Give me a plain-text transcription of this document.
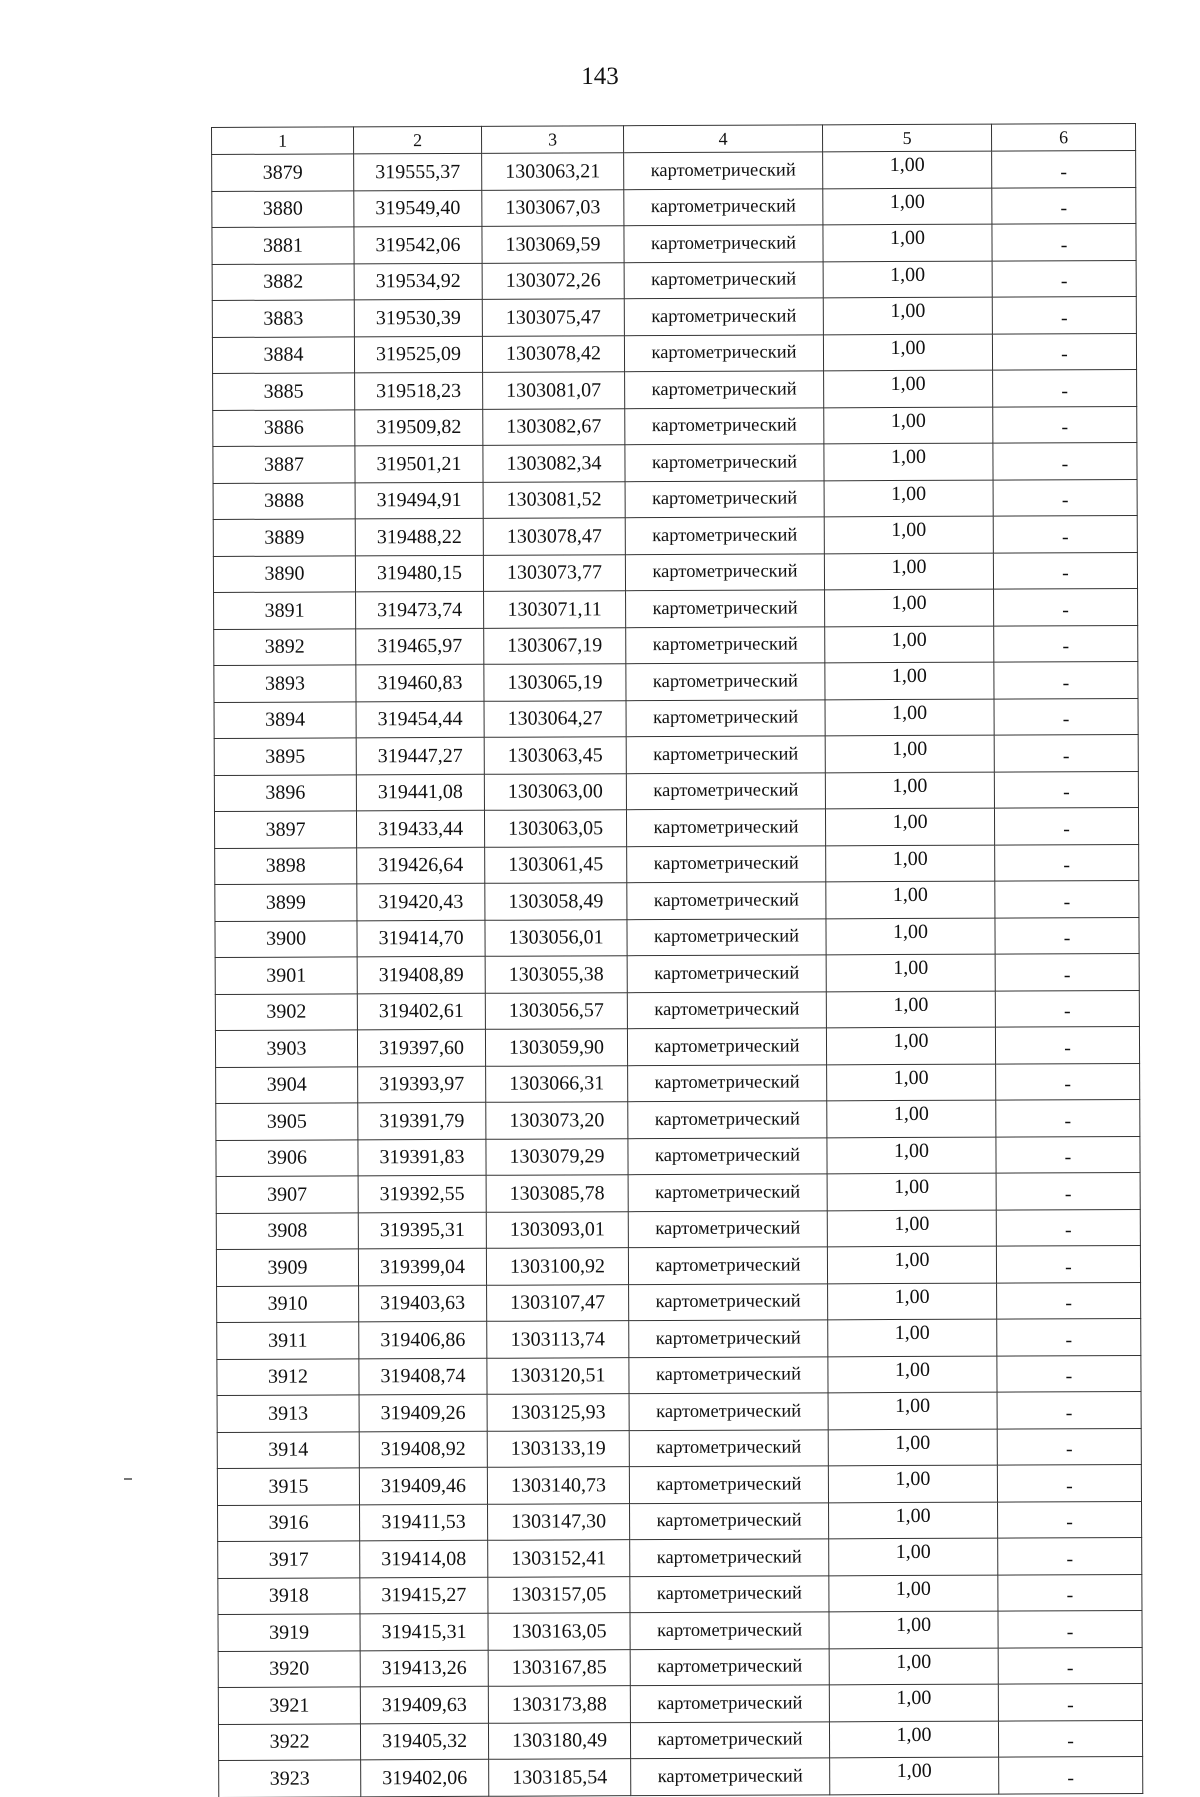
143
1	2	3	4	5	6
3879	319555,37	1303063,21	картометрический	1,00	-
3880	319549,40	1303067,03	картометрический	1,00	-
3881	319542,06	1303069,59	картометрический	1,00	-
3882	319534,92	1303072,26	картометрический	1,00	-
3883	319530,39	1303075,47	картометрический	1,00	-
3884	319525,09	1303078,42	картометрический	1,00	-
3885	319518,23	1303081,07	картометрический	1,00	-
3886	319509,82	1303082,67	картометрический	1,00	-
3887	319501,21	1303082,34	картометрический	1,00	-
3888	319494,91	1303081,52	картометрический	1,00	-
3889	319488,22	1303078,47	картометрический	1,00	-
3890	319480,15	1303073,77	картометрический	1,00	-
3891	319473,74	1303071,11	картометрический	1,00	-
3892	319465,97	1303067,19	картометрический	1,00	-
3893	319460,83	1303065,19	картометрический	1,00	-
3894	319454,44	1303064,27	картометрический	1,00	-
3895	319447,27	1303063,45	картометрический	1,00	-
3896	319441,08	1303063,00	картометрический	1,00	-
3897	319433,44	1303063,05	картометрический	1,00	-
3898	319426,64	1303061,45	картометрический	1,00	-
3899	319420,43	1303058,49	картометрический	1,00	-
3900	319414,70	1303056,01	картометрический	1,00	-
3901	319408,89	1303055,38	картометрический	1,00	-
3902	319402,61	1303056,57	картометрический	1,00	-
3903	319397,60	1303059,90	картометрический	1,00	-
3904	319393,97	1303066,31	картометрический	1,00	-
3905	319391,79	1303073,20	картометрический	1,00	-
3906	319391,83	1303079,29	картометрический	1,00	-
3907	319392,55	1303085,78	картометрический	1,00	-
3908	319395,31	1303093,01	картометрический	1,00	-
3909	319399,04	1303100,92	картометрический	1,00	-
3910	319403,63	1303107,47	картометрический	1,00	-
3911	319406,86	1303113,74	картометрический	1,00	-
3912	319408,74	1303120,51	картометрический	1,00	-
3913	319409,26	1303125,93	картометрический	1,00	-
3914	319408,92	1303133,19	картометрический	1,00	-
3915	319409,46	1303140,73	картометрический	1,00	-
3916	319411,53	1303147,30	картометрический	1,00	-
3917	319414,08	1303152,41	картометрический	1,00	-
3918	319415,27	1303157,05	картометрический	1,00	-
3919	319415,31	1303163,05	картометрический	1,00	-
3920	319413,26	1303167,85	картометрический	1,00	-
3921	319409,63	1303173,88	картометрический	1,00	-
3922	319405,32	1303180,49	картометрический	1,00	-
3923	319402,06	1303185,54	картометрический	1,00	-
